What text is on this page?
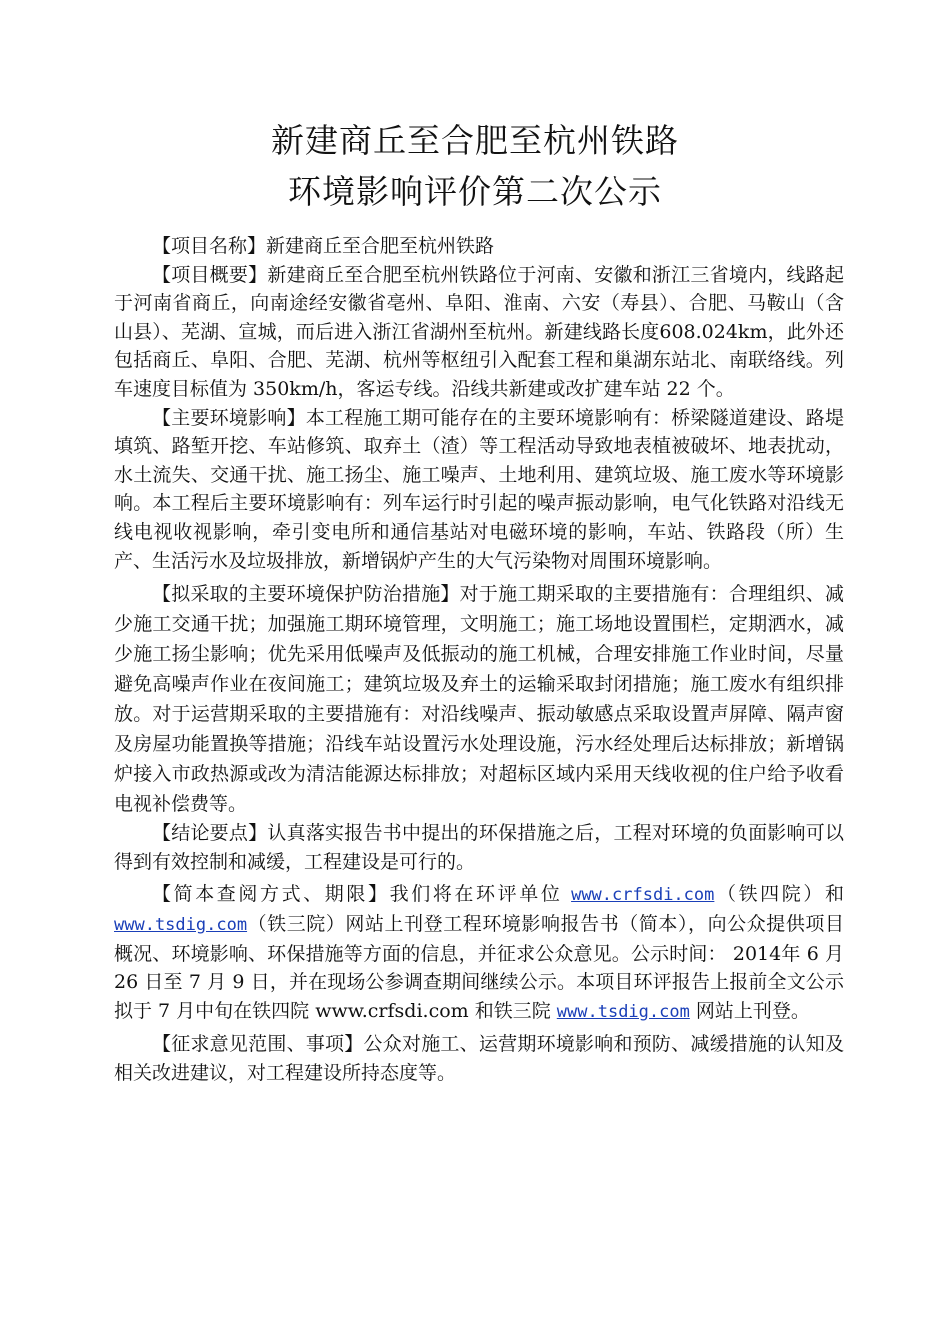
新建商丘至合肥至杭州铁路
环境影响评价第二次公示

【项目名称】新建商丘至合肥至杭州铁路

【项目概要】新建商丘至合肥至杭州铁路位于河南、安徽和浙江三省境内，线路起于河南省商丘，向南途经安徽省亳州、阜阳、淮南、六安（寿县）、合肥、马鞍山（含山县）、芜湖、宣城，而后进入浙江省湖州至杭州。新建线路长度608.024km，此外还包括商丘、阜阳、合肥、芜湖、杭州等枢纽引入配套工程和巢湖东站北、南联络线。列车速度目标值为 350km/h，客运专线。沿线共新建或改扩建车站 22 个。

【主要环境影响】本工程施工期可能存在的主要环境影响有：桥梁隧道建设、路堤填筑、路堑开挖、车站修筑、取弃土（渣）等工程活动导致地表植被破坏、地表扰动，水土流失、交通干扰、施工扬尘、施工噪声、土地利用、建筑垃圾、施工废水等环境影响。本工程后主要环境影响有：列车运行时引起的噪声振动影响，电气化铁路对沿线无线电视收视影响，牵引变电所和通信基站对电磁环境的影响，车站、铁路段（所）生产、生活污水及垃圾排放，新增锅炉产生的大气污染物对周围环境影响。

【拟采取的主要环境保护防治措施】对于施工期采取的主要措施有：合理组织、减少施工交通干扰；加强施工期环境管理，文明施工；施工场地设置围栏，定期洒水，减少施工扬尘影响；优先采用低噪声及低振动的施工机械，合理安排施工作业时间，尽量避免高噪声作业在夜间施工；建筑垃圾及弃土的运输采取封闭措施；施工废水有组织排放。对于运营期采取的主要措施有：对沿线噪声、振动敏感点采取设置声屏障、隔声窗及房屋功能置换等措施；沿线车站设置污水处理设施，污水经处理后达标排放；新增锅炉接入市政热源或改为清洁能源达标排放；对超标区域内采用天线收视的住户给予收看电视补偿费等。

【结论要点】认真落实报告书中提出的环保措施之后，工程对环境的负面影响可以得到有效控制和减缓，工程建设是可行的。

【简本查阅方式、期限】我们将在环评单位 www.crfsdi.com（铁四院）和www.tsdig.com（铁三院）网站上刊登工程环境影响报告书（简本），向公众提供项目概况、环境影响、环保措施等方面的信息，并征求公众意见。公示时间： 2014年 6 月 26 日至 7 月 9 日，并在现场公参调查期间继续公示。本项目环评报告上报前全文公示拟于 7 月中旬在铁四院 www.crfsdi.com 和铁三院 www.tsdig.com 网站上刊登。

【征求意见范围、事项】公众对施工、运营期环境影响和预防、减缓措施的认知及相关改进建议，对工程建设所持态度等。
